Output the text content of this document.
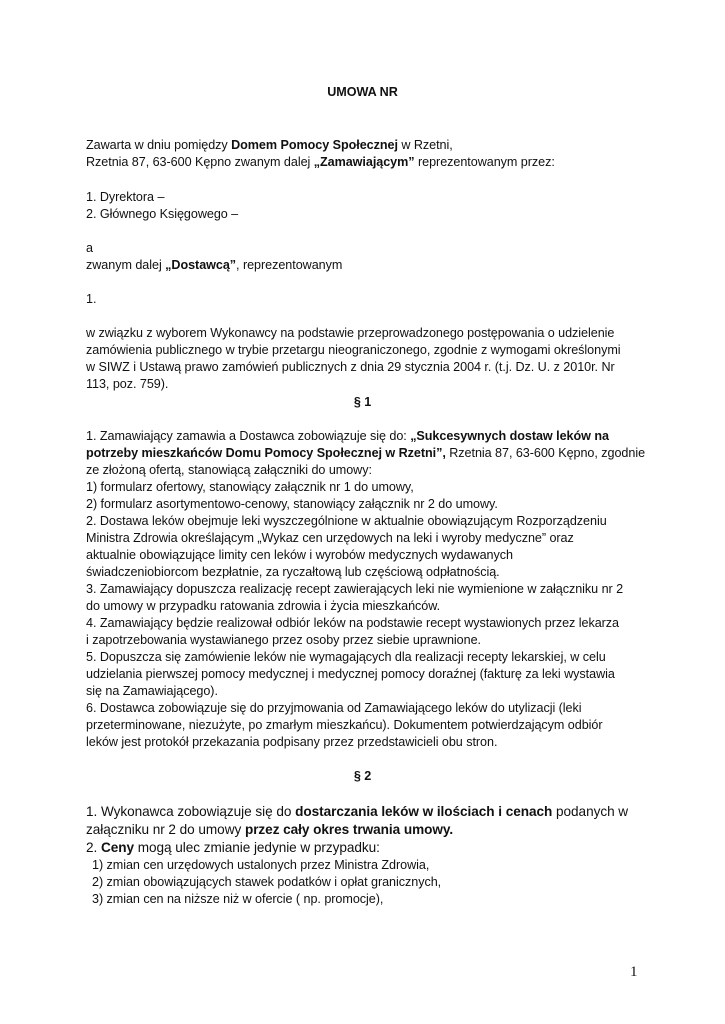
UMOWA NR

Zawarta w dniu pomiędzy Domem Pomocy Społecznej w Rzetni,

Rzetnia 87, 63-600 Kępno zwanym dalej „Zamawiającym” reprezentowanym przez:

1. Dyrektora –

2. Głównego Księgowego –

a

zwanym dalej „Dostawcą”, reprezentowanym

1.

w związku z wyborem Wykonawcy na podstawie przeprowadzonego postępowania o udzielenie

zamówienia publicznego w trybie przetargu nieograniczonego, zgodnie z wymogami określonymi

w SIWZ i Ustawą prawo zamówień publicznych z dnia 29 stycznia 2004 r. (t.j. Dz. U. z 2010r. Nr

113, poz. 759).

§ 1

1. Zamawiający zamawia a Dostawca zobowiązuje się do: „Sukcesywnych dostaw leków na

potrzeby mieszkańców Domu Pomocy Społecznej w Rzetni”, Rzetnia 87, 63-600 Kępno, zgodnie

ze złożoną ofertą, stanowiącą załączniki do umowy:

1) formularz ofertowy, stanowiący załącznik nr 1 do umowy,

2) formularz asortymentowo-cenowy, stanowiący załącznik nr 2 do umowy.

2. Dostawa leków obejmuje leki wyszczególnione w aktualnie obowiązującym Rozporządzeniu

Ministra Zdrowia określającym „Wykaz cen urzędowych na leki i wyroby medyczne” oraz

aktualnie obowiązujące limity cen leków i wyrobów medycznych wydawanych

świadczeniobiorcom bezpłatnie, za ryczałtową lub częściową odpłatnością.

3. Zamawiający dopuszcza realizację recept zawierających leki nie wymienione w załączniku nr 2

do umowy w przypadku ratowania zdrowia i życia mieszkańców.

4. Zamawiający będzie realizował odbiór leków na podstawie recept wystawionych przez lekarza

i zapotrzebowania wystawianego przez osoby przez siebie uprawnione.

5. Dopuszcza się zamówienie leków nie wymagających dla realizacji recepty lekarskiej, w celu

udzielania pierwszej pomocy medycznej i medycznej pomocy doraźnej (fakturę za leki wystawia

się na Zamawiającego).

6. Dostawca zobowiązuje się do przyjmowania od Zamawiającego leków do utylizacji (leki

przeterminowane, niezużyte, po zmarłym mieszkańcu). Dokumentem potwierdzającym odbiór

leków jest protokół przekazania podpisany przez przedstawicieli obu stron.

§ 2

1. Wykonawca zobowiązuje się do dostarczania leków w ilościach i cenach podanych w

załączniku nr 2 do umowy przez cały okres trwania umowy.

2. Ceny mogą ulec zmianie jedynie w przypadku:

1) zmian cen urzędowych ustalonych przez Ministra Zdrowia,

2) zmian obowiązujących stawek podatków i opłat granicznych,

3) zmian cen na niższe niż w ofercie ( np. promocje),

1
